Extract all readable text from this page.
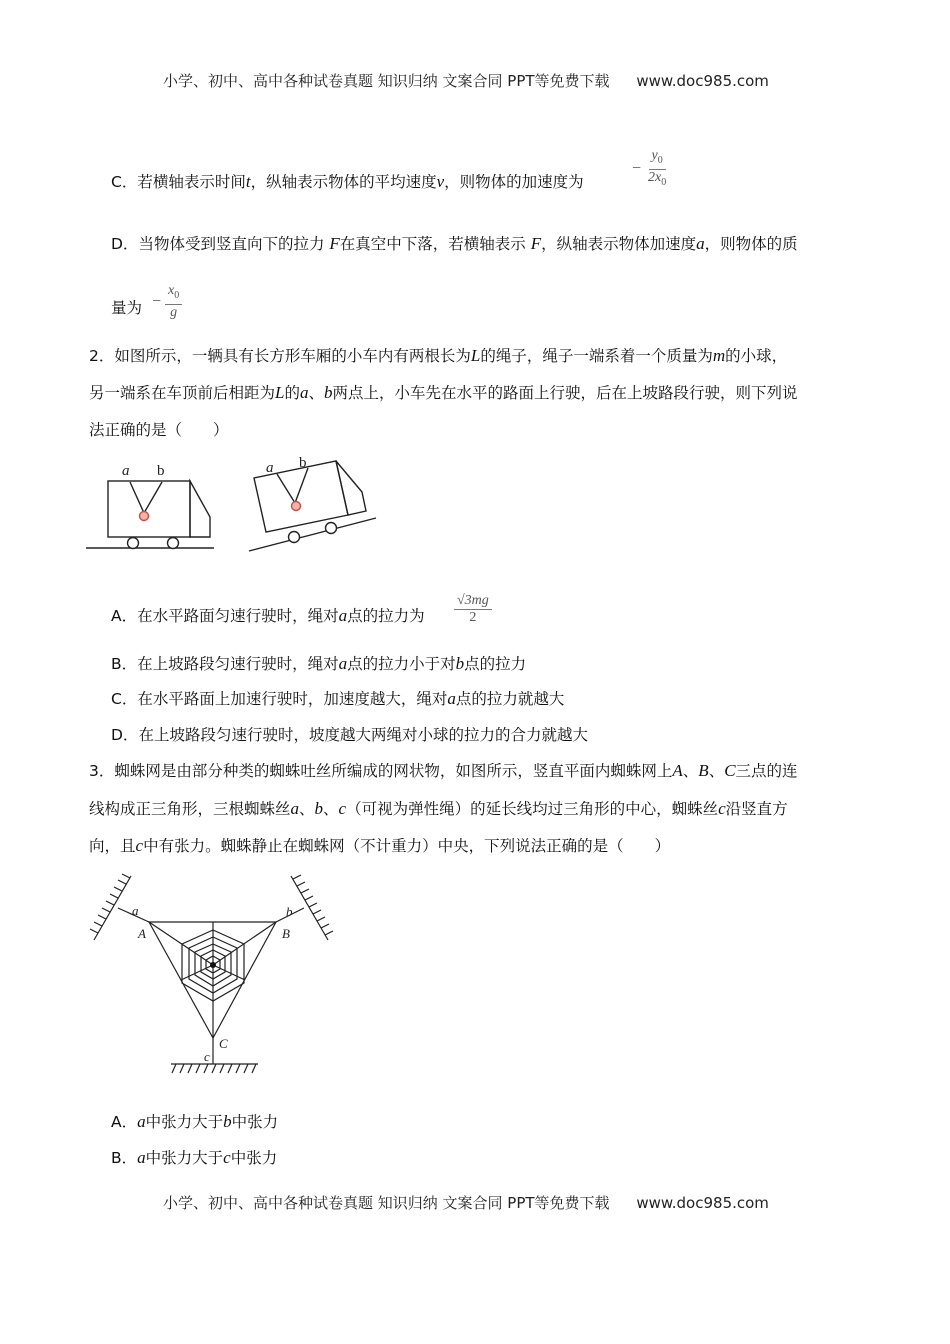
小学、初中、高中各种试卷真题 知识归纳 文案合同 PPT等免费下载 www.doc985.com
C．若横轴表示时间t，纵轴表示物体的平均速度v，则物体的加速度为
− $\frac{y_0}{2x_0}$
D．当物体受到竖直向下的拉力 F在真空中下落，若横轴表示 F，纵轴表示物体加速度a，则物体的质
量为 − $\frac{x_0}{g}$
2．如图所示，一辆具有长方形车厢的小车内有两根长为L的绳子，绳子一端系着一个质量为m的小球，
另一端系在车顶前后相距为L的a、b两点上，小车先在水平的路面上行驶，后在上坡路段行驶，则下列说
法正确的是（　　）
a b	a b
A．在水平路面匀速行驶时，绳对a点的拉力为 $\frac{√3mg}{2}$
B．在上坡路段匀速行驶时，绳对a点的拉力小于对b点的拉力
C．在水平路面上加速行驶时，加速度越大，绳对a点的拉力就越大
D．在上坡路段匀速行驶时，坡度越大两绳对小球的拉力的合力就越大
3．蜘蛛网是由部分种类的蜘蛛吐丝所编成的网状物，如图所示，竖直平面内蜘蛛网上A、B、C三点的连
线构成正三角形，三根蜘蛛丝a、b、c（可视为弹性绳）的延长线均过三角形的中心，蜘蛛丝c沿竖直方
向，且c中有张力。蜘蛛静止在蜘蛛网（不计重力）中央，下列说法正确的是（　　）
a
A
b
B
C
c
A．a中张力大于b中张力
B．a中张力大于c中张力
小学、初中、高中各种试卷真题 知识归纳 文案合同 PPT等免费下载 www.doc985.com
